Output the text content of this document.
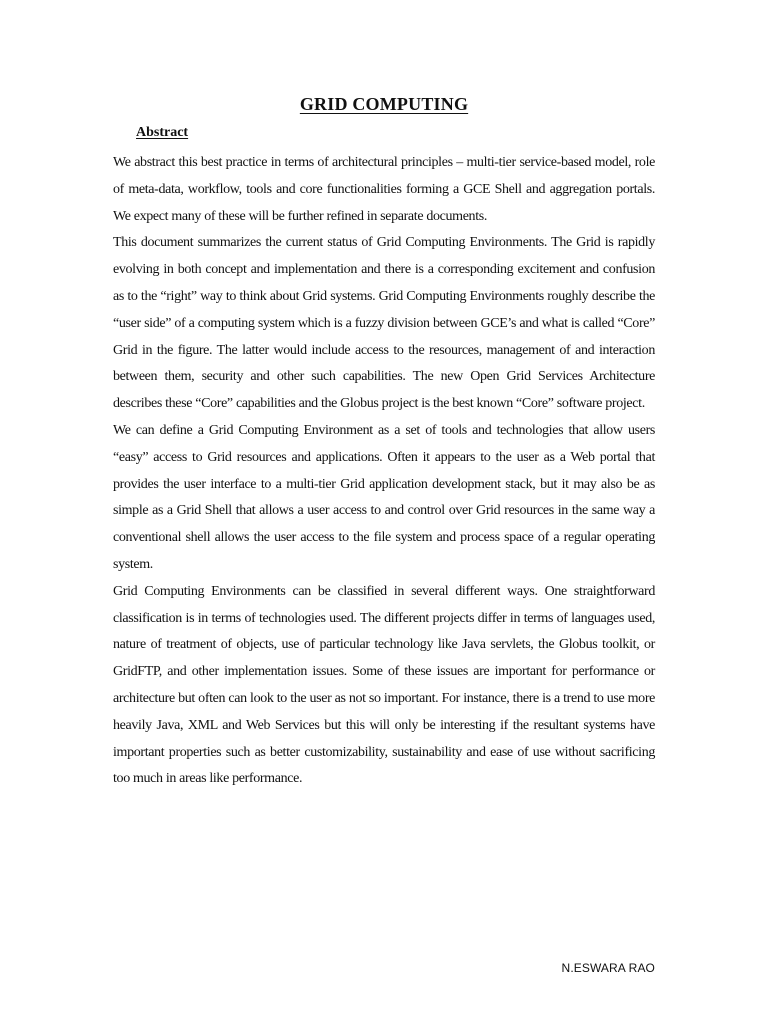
GRID COMPUTING
Abstract

We abstract this best practice in terms of architectural principles – multi-tier service-based model, role of meta-data, workflow, tools and core functionalities forming a GCE Shell and aggregation portals. We expect many of these will be further refined in separate documents.

This document summarizes the current status of Grid Computing Environments. The Grid is rapidly evolving in both concept and implementation and there is a corresponding excitement and confusion as to the “right” way to think about Grid systems. Grid Computing Environments roughly describe the “user side” of a computing system which is a fuzzy division between GCE’s and what is called “Core” Grid in the figure. The latter would include access to the resources, management of and interaction between them, security and other such capabilities. The new Open Grid Services Architecture describes these “Core” capabilities and the Globus project is the best known “Core” software project.

We can define a Grid Computing Environment as a set of tools and technologies that allow users “easy” access to Grid resources and applications. Often it appears to the user as a Web portal that provides the user interface to a multi-tier Grid application development stack, but it may also be as simple as a Grid Shell that allows a user access to and control over Grid resources in the same way a conventional shell allows the user access to the file system and process space of a regular operating system.

Grid Computing Environments can be classified in several different ways. One straightforward classification is in terms of technologies used. The different projects differ in terms of languages used, nature of treatment of objects, use of particular technology like Java servlets, the Globus toolkit, or GridFTP, and other implementation issues. Some of these issues are important for performance or architecture but often can look to the user as not so important. For instance, there is a trend to use more heavily Java, XML and Web Services but this will only be interesting if the resultant systems have important properties such as better customizability, sustainability and ease of use without sacrificing too much in areas like performance.

N.ESWARA RAO
